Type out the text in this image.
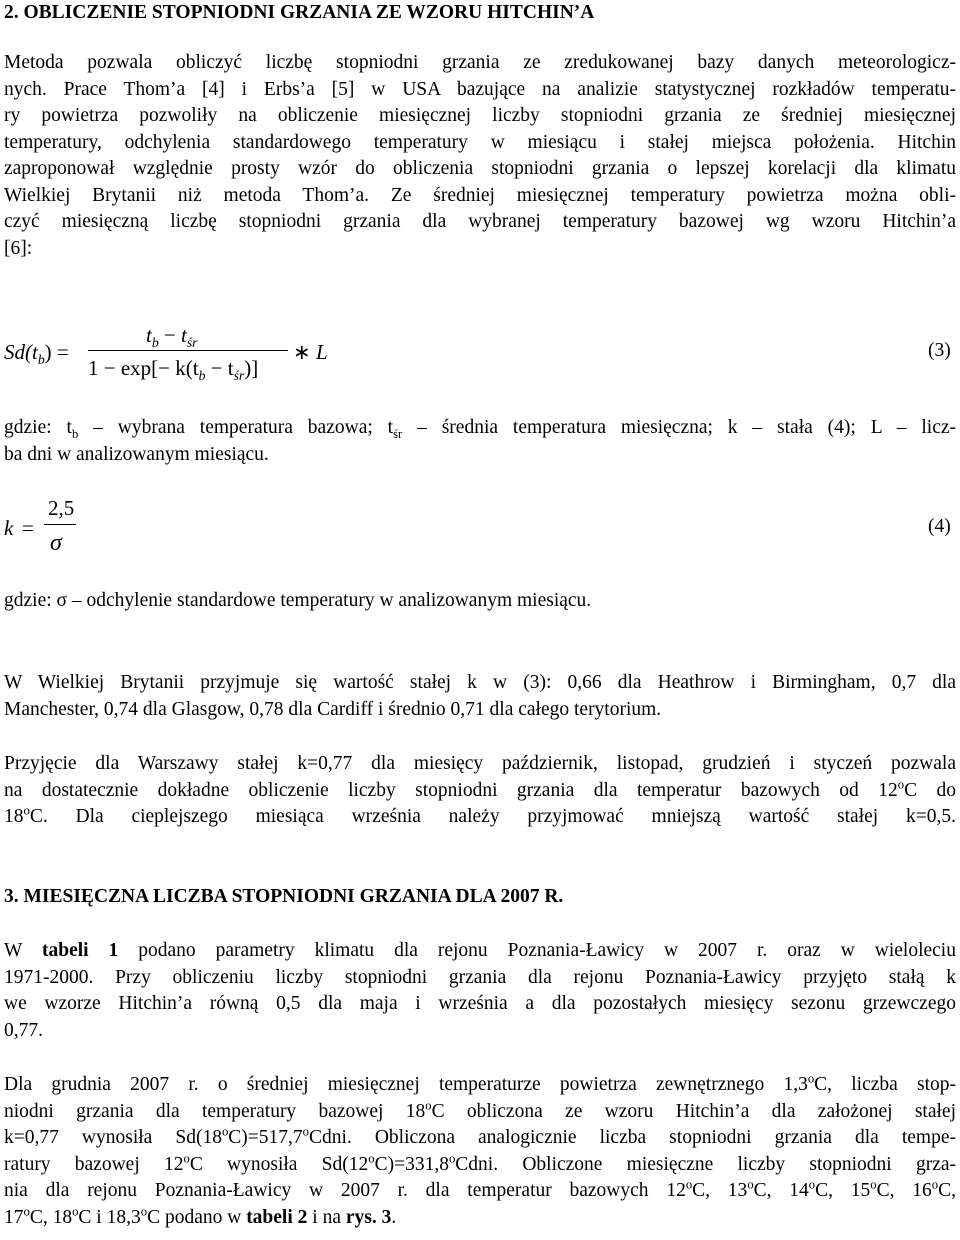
2. OBLICZENIE STOPNIODNI GRZANIA ZE WZORU HITCHIN’A
Metoda pozwala obliczyć liczbę stopniodni grzania ze zredukowanej bazy danych meteorologicz-
nych. Prace Thom’a [4] i Erbs’a [5] w USA bazujące na analizie statystycznej rozkładów temperatu-
ry powietrza pozwoliły na obliczenie miesięcznej liczby stopniodni grzania ze średniej miesięcznej
temperatury, odchylenia standardowego temperatury w miesiącu i stałej miejsca położenia. Hitchin
zaproponował względnie prosty wzór do obliczenia stopniodni grzania o lepszej korelacji dla klimatu
Wielkiej Brytanii niż metoda Thom’a. Ze średniej miesięcznej temperatury powietrza można obli-
czyć miesięczną liczbę stopniodni grzania dla wybranej temperatury bazowej wg wzoru Hitchin’a
[6]:
$Sd(t_b)$ =
$t_b - t_{śr}$
$1 - \exp[- k(t_b - t_{śr})]$
∗ L	(3)
gdzie: $t_b$ – wybrana temperatura bazowa; $t_{śr}$ – średnia temperatura miesięczna; k – stała (4); L – licz-
ba dni w analizowanym miesiącu.
k =
2,5
σ
(4)
gdzie: σ – odchylenie standardowe temperatury w analizowanym miesiącu.
W Wielkiej Brytanii przyjmuje się wartość stałej k w (3): 0,66 dla Heathrow i Birmingham, 0,7 dla
Manchester, 0,74 dla Glasgow, 0,78 dla Cardiff i średnio 0,71 dla całego terytorium.
Przyjęcie dla Warszawy stałej k=0,77 dla miesięcy październik, listopad, grudzień i styczeń pozwala
na dostatecznie dokładne obliczenie liczby stopniodni grzania dla temperatur bazowych od 12$^o$C do
18$^o$C. Dla cieplejszego miesiąca września należy przyjmować mniejszą wartość stałej k=0,5.
3. MIESIĘCZNA LICZBA STOPNIODNI GRZANIA DLA 2007 R.
W tabeli 1 podano parametry klimatu dla rejonu Poznania-Ławicy w 2007 r. oraz w wieloleciu
1971-2000. Przy obliczeniu liczby stopniodni grzania dla rejonu Poznania-Ławicy przyjęto stałą k
we wzorze Hitchin’a równą 0,5 dla maja i września a dla pozostałych miesięcy sezonu grzewczego
0,77.
Dla grudnia 2007 r. o średniej miesięcznej temperaturze powietrza zewnętrznego 1,3$^o$C, liczba stop-
niodni grzania dla temperatury bazowej 18$^o$C obliczona ze wzoru Hitchin’a dla założonej stałej
k=0,77 wynosiła $Sd(18^oC)=517,7^oCdni$. Obliczona analogicznie liczba stopniodni grzania dla tempe-
ratury bazowej 12$^o$C wynosiła $Sd(12^oC)=331,8^oCdni$. Obliczone miesięczne liczby stopniodni grza-
nia dla rejonu Poznania-Ławicy w 2007 r. dla temperatur bazowych 12$^o$C, 13$^o$C, 14$^o$C, 15$^o$C, 16$^o$C,
17$^o$C, 18$^o$C i 18,3$^o$C podano w tabeli 2 i na rys. 3.
